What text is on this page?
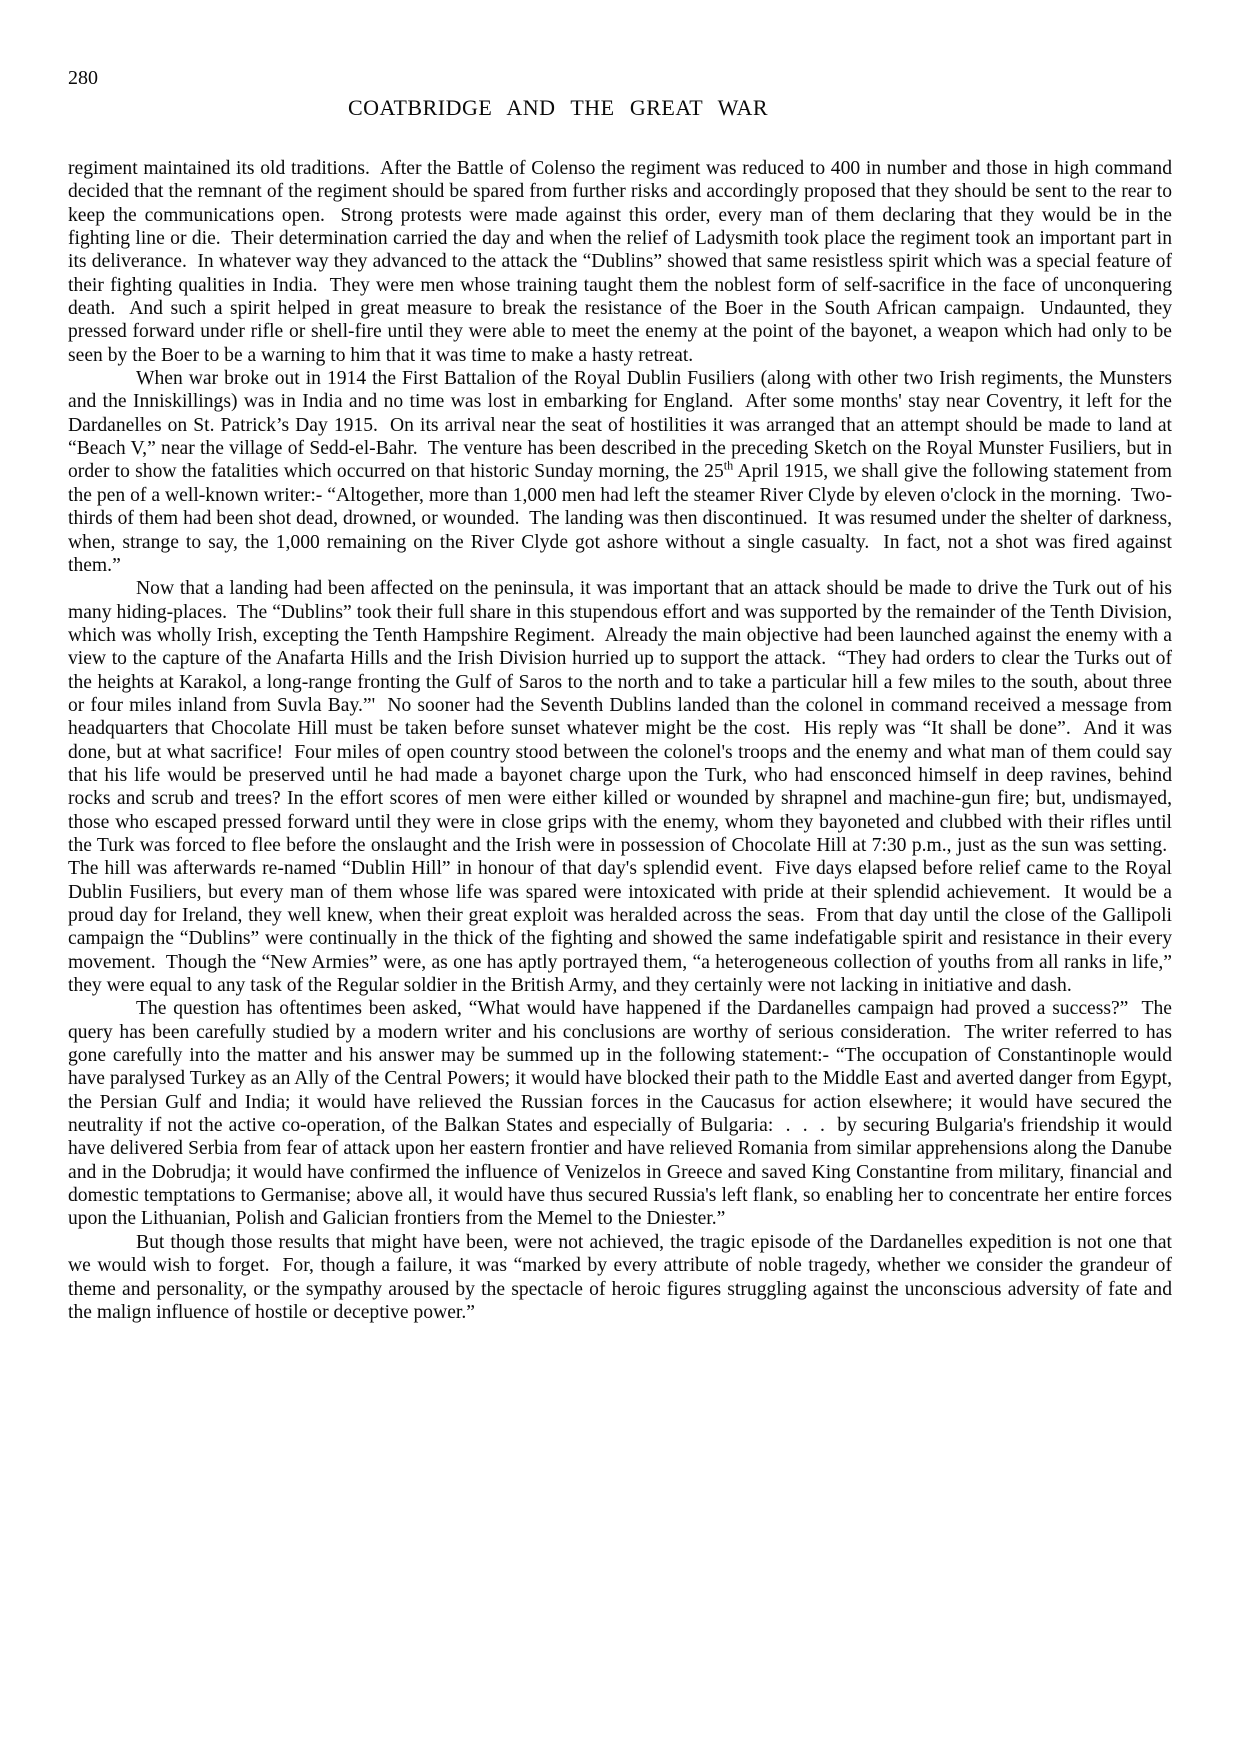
280
COATBRIDGE AND THE GREAT WAR

regiment maintained its old traditions.  After the Battle of Colenso the regiment was reduced to 400 in number and those in high command decided that the remnant of the regiment should be spared from further risks and accordingly proposed that they should be sent to the rear to keep the communications open.  Strong protests were made against this order, every man of them declaring that they would be in the fighting line or die.  Their determination carried the day and when the relief of Ladysmith took place the regiment took an important part in its deliverance.  In whatever way they advanced to the attack the “Dublins” showed that same resistless spirit which was a special feature of their fighting qualities in India.  They were men whose training taught them the noblest form of self-sacrifice in the face of unconquering death.  And such a spirit helped in great measure to break the resistance of the Boer in the South African campaign.  Undaunted, they pressed forward under rifle or shell-fire until they were able to meet the enemy at the point of the bayonet, a weapon which had only to be seen by the Boer to be a warning to him that it was time to make a hasty retreat.

When war broke out in 1914 the First Battalion of the Royal Dublin Fusiliers (along with other two Irish regiments, the Munsters and the Inniskillings) was in India and no time was lost in embarking for England.  After some months' stay near Coventry, it left for the Dardanelles on St. Patrick’s Day 1915.  On its arrival near the seat of hostilities it was arranged that an attempt should be made to land at “Beach V,” near the village of Sedd-el-Bahr.  The venture has been described in the preceding Sketch on the Royal Munster Fusiliers, but in order to show the fatalities which occurred on that historic Sunday morning, the 25th April 1915, we shall give the following statement from the pen of a well-known writer:- “Altogether, more than 1,000 men had left the steamer River Clyde by eleven o'clock in the morning.  Two-thirds of them had been shot dead, drowned, or wounded.  The landing was then discontinued.  It was resumed under the shelter of darkness, when, strange to say, the 1,000 remaining on the River Clyde got ashore without a single casualty.  In fact, not a shot was fired against them.”

Now that a landing had been affected on the peninsula, it was important that an attack should be made to drive the Turk out of his many hiding-places.  The “Dublins” took their full share in this stupendous effort and was supported by the remainder of the Tenth Division, which was wholly Irish, excepting the Tenth Hampshire Regiment.  Already the main objective had been launched against the enemy with a view to the capture of the Anafarta Hills and the Irish Division hurried up to support the attack.  “They had orders to clear the Turks out of the heights at Karakol, a long-range fronting the Gulf of Saros to the north and to take a particular hill a few miles to the south, about three or four miles inland from Suvla Bay.”'  No sooner had the Seventh Dublins landed than the colonel in command received a message from headquarters that Chocolate Hill must be taken before sunset whatever might be the cost.  His reply was “It shall be done”.  And it was done, but at what sacrifice!  Four miles of open country stood between the colonel's troops and the enemy and what man of them could say that his life would be preserved until he had made a bayonet charge upon the Turk, who had ensconced himself in deep ravines, behind rocks and scrub and trees? In the effort scores of men were either killed or wounded by shrapnel and machine-gun fire; but, undismayed, those who escaped pressed forward until they were in close grips with the enemy, whom they bayoneted and clubbed with their rifles until the Turk was forced to flee before the onslaught and the Irish were in possession of Chocolate Hill at 7:30 p.m., just as the sun was setting.  The hill was afterwards re-named “Dublin Hill” in honour of that day's splendid event.  Five days elapsed before relief came to the Royal Dublin Fusiliers, but every man of them whose life was spared were intoxicated with pride at their splendid achievement.  It would be a proud day for Ireland, they well knew, when their great exploit was heralded across the seas.  From that day until the close of the Gallipoli campaign the “Dublins” were continually in the thick of the fighting and showed the same indefatigable spirit and resistance in their every movement.  Though the “New Armies” were, as one has aptly portrayed them, “a heterogeneous collection of youths from all ranks in life,” they were equal to any task of the Regular soldier in the British Army, and they certainly were not lacking in initiative and dash.

The question has oftentimes been asked, “What would have happened if the Dardanelles campaign had proved a success?”  The query has been carefully studied by a modern writer and his conclusions are worthy of serious consideration.  The writer referred to has gone carefully into the matter and his answer may be summed up in the following statement:- “The occupation of Constantinople would have paralysed Turkey as an Ally of the Central Powers; it would have blocked their path to the Middle East and averted danger from Egypt, the Persian Gulf and India; it would have relieved the Russian forces in the Caucasus for action elsewhere; it would have secured the neutrality if not the active co-operation, of the Balkan States and especially of Bulgaria:  .  .  .  by securing Bulgaria's friendship it would have delivered Serbia from fear of attack upon her eastern frontier and have relieved Romania from similar apprehensions along the Danube and in the Dobrudja; it would have confirmed the influence of Venizelos in Greece and saved King Constantine from military, financial and domestic temptations to Germanise; above all, it would have thus secured Russia's left flank, so enabling her to concentrate her entire forces upon the Lithuanian, Polish and Galician frontiers from the Memel to the Dniester.”

But though those results that might have been, were not achieved, the tragic episode of the Dardanelles expedition is not one that we would wish to forget.  For, though a failure, it was “marked by every attribute of noble tragedy, whether we consider the grandeur of theme and personality, or the sympathy aroused by the spectacle of heroic figures struggling against the unconscious adversity of fate and the malign influence of hostile or deceptive power.”
